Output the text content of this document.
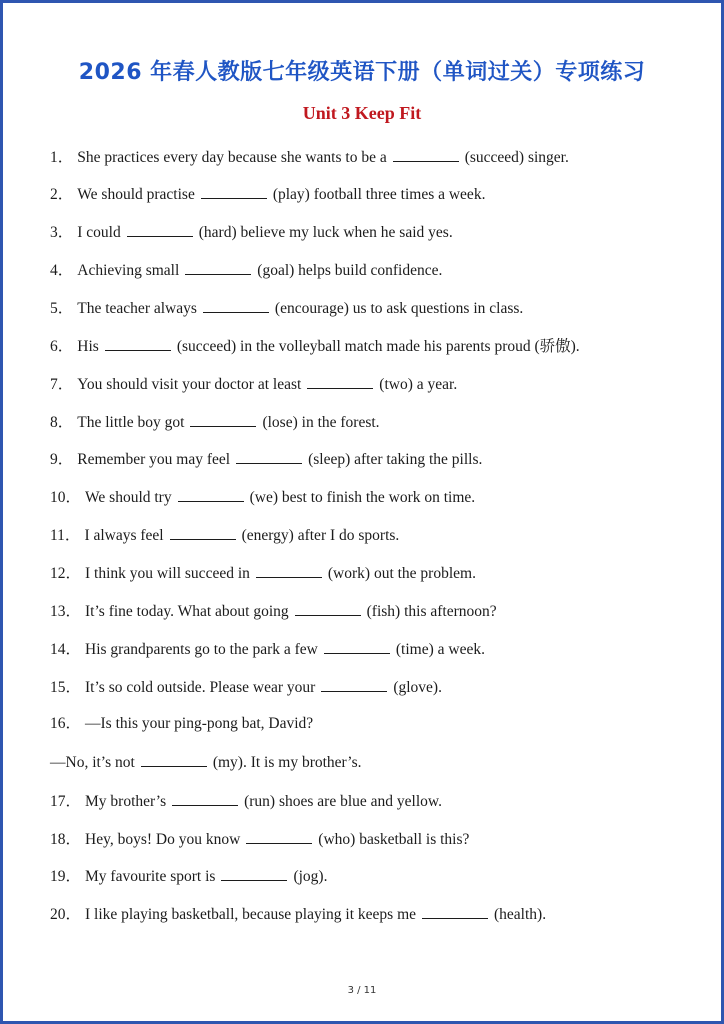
2026 年春人教版七年级英语下册（单词过关）专项练习
Unit 3 Keep Fit
1． She practices every day because she wants to be a	(succeed) singer.
2． We should practise	(play) football three times a week.
3． I could	(hard) believe my luck when he said yes.
4． Achieving small	(goal) helps build confidence.
5． The teacher always	(encourage) us to ask questions in class.
6． His	(succeed) in the volleyball match made his parents proud (骄傲).
7． You should visit your doctor at least	(two) a year.
8． The little boy got	(lose) in the forest.
9． Remember you may feel	(sleep) after taking the pills.
10． We should try	(we) best to finish the work on time.
11． I always feel	(energy) after I do sports.
12． I think you will succeed in	(work) out the problem.
13． It’s fine today. What about going	(fish) this afternoon?
14． His grandparents go to the park a few	(time) a week.
15． It’s so cold outside. Please wear your	(glove).
16． —Is this your ping-pong bat, David?
—No, it’s not	(my). It is my brother’s.
17． My brother’s	(run) shoes are blue and yellow.
18． Hey, boys! Do you know	(who) basketball is this?
19． My favourite sport is	(jog).
20． I like playing basketball, because playing it keeps me	(health).
3 / 11
